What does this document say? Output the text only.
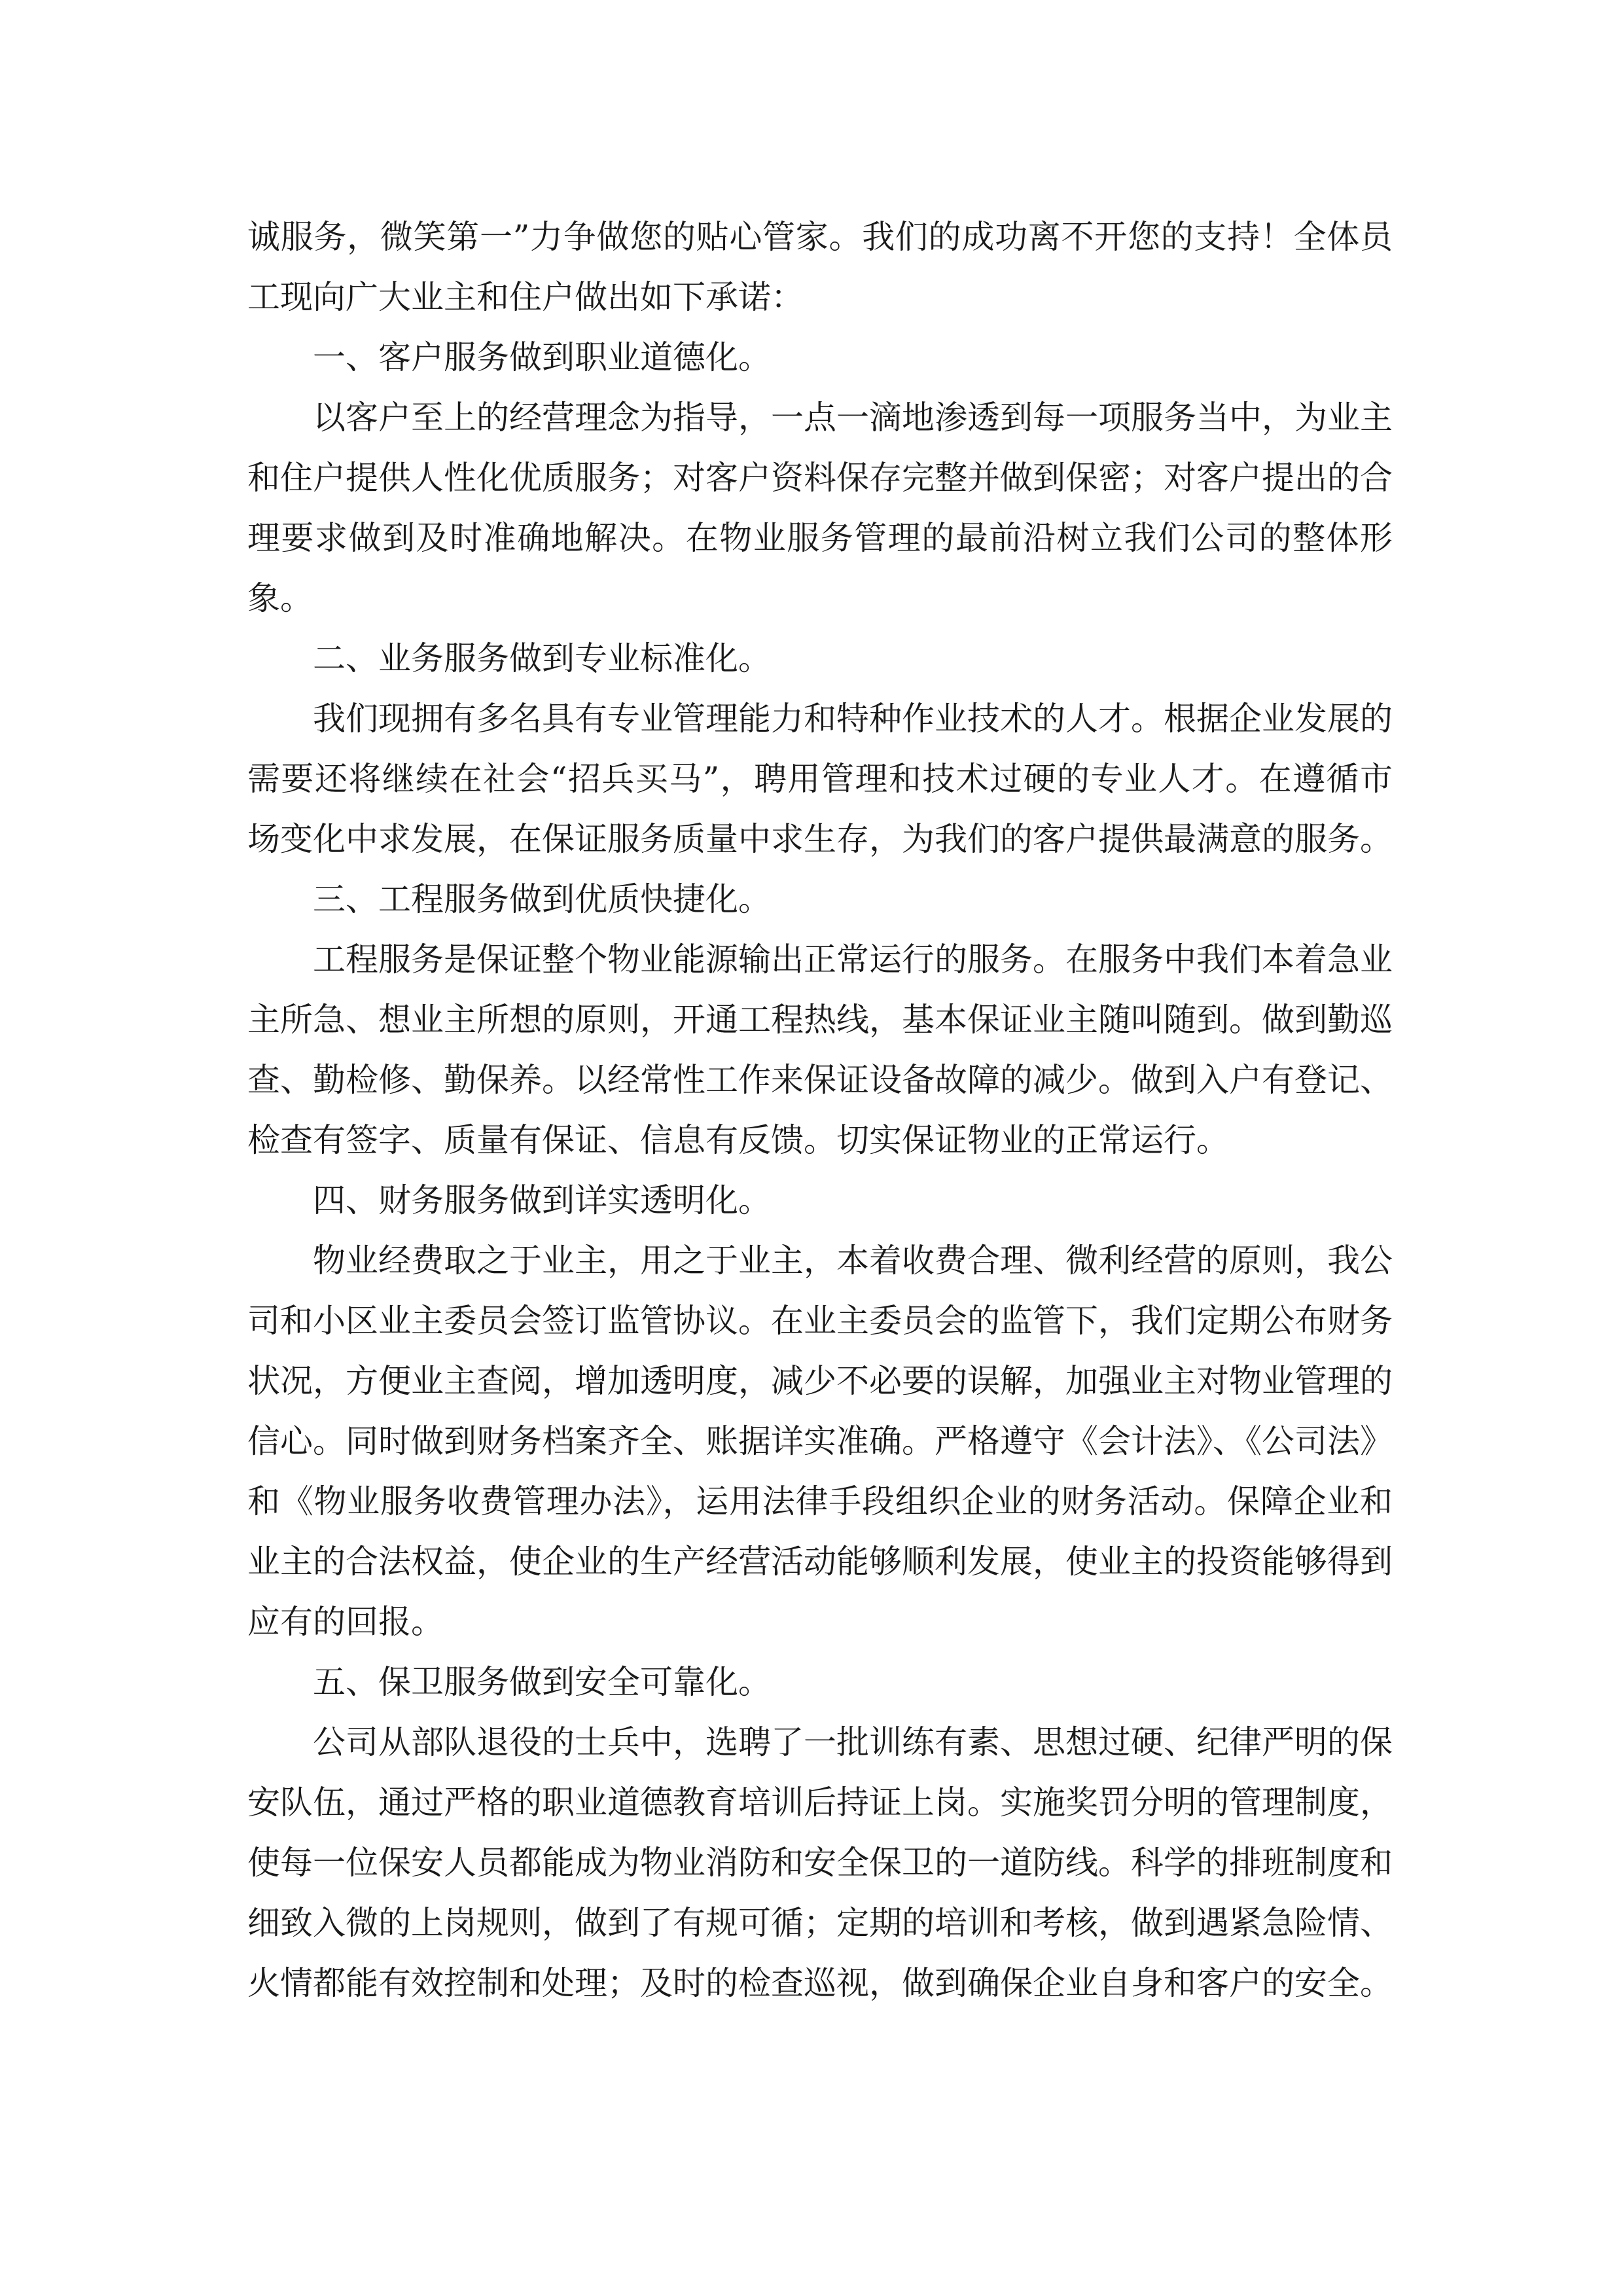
诚服务，微笑第一”力争做您的贴心管家。我们的成功离不开您的支持！全体员工现向广大业主和住户做出如下承诺：

一、客户服务做到职业道德化。

以客户至上的经营理念为指导，一点一滴地渗透到每一项服务当中，为业主和住户提供人性化优质服务；对客户资料保存完整并做到保密；对客户提出的合理要求做到及时准确地解决。在物业服务管理的最前沿树立我们公司的整体形象。

二、业务服务做到专业标准化。

我们现拥有多名具有专业管理能力和特种作业技术的人才。根据企业发展的需要还将继续在社会“招兵买马”，聘用管理和技术过硬的专业人才。在遵循市场变化中求发展，在保证服务质量中求生存，为我们的客户提供最满意的服务。

三、工程服务做到优质快捷化。

工程服务是保证整个物业能源输出正常运行的服务。在服务中我们本着急业主所急、想业主所想的原则，开通工程热线，基本保证业主随叫随到。做到勤巡查、勤检修、勤保养。以经常性工作来保证设备故障的减少。做到入户有登记、检查有签字、质量有保证、信息有反馈。切实保证物业的正常运行。

四、财务服务做到详实透明化。

物业经费取之于业主，用之于业主，本着收费合理、微利经营的原则，我公司和小区业主委员会签订监管协议。在业主委员会的监管下，我们定期公布财务状况，方便业主查阅，增加透明度，减少不必要的误解，加强业主对物业管理的信心。同时做到财务档案齐全、账据详实准确。严格遵守《会计法》、《公司法》和《物业服务收费管理办法》，运用法律手段组织企业的财务活动。保障企业和业主的合法权益，使企业的生产经营活动能够顺利发展，使业主的投资能够得到应有的回报。

五、保卫服务做到安全可靠化。

公司从部队退役的士兵中，选聘了一批训练有素、思想过硬、纪律严明的保安队伍，通过严格的职业道德教育培训后持证上岗。实施奖罚分明的管理制度，使每一位保安人员都能成为物业消防和安全保卫的一道防线。科学的排班制度和细致入微的上岗规则，做到了有规可循；定期的培训和考核，做到遇紧急险情、火情都能有效控制和处理；及时的检查巡视，做到确保企业自身和客户的安全。
